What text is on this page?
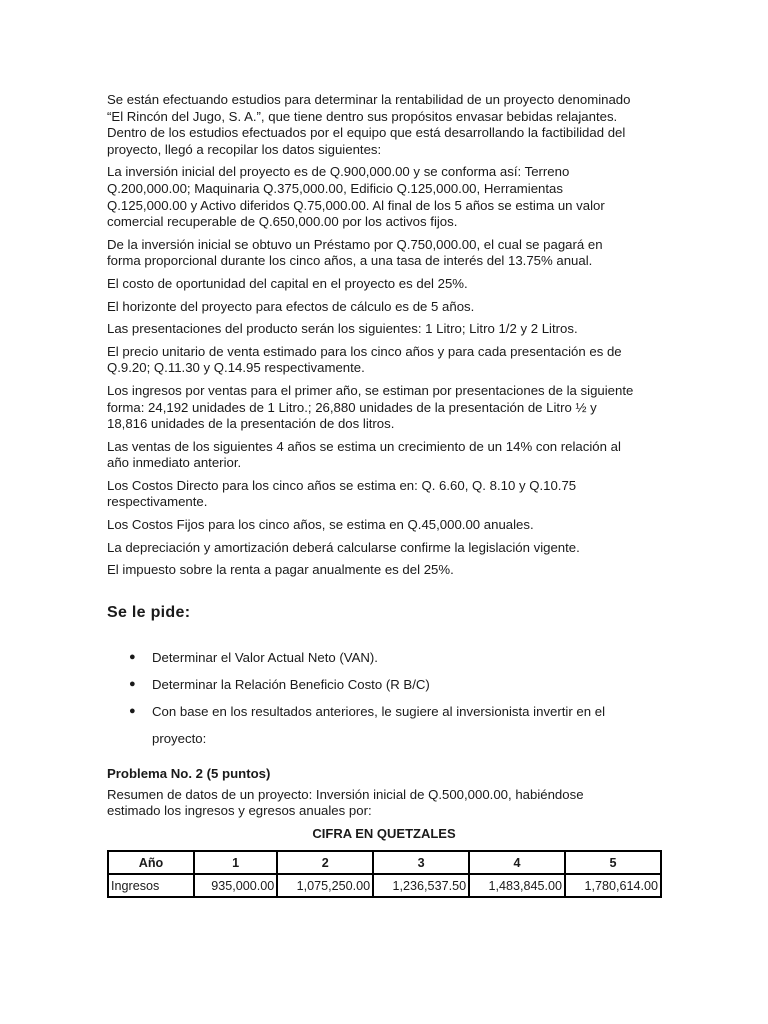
Se están efectuando estudios para determinar la rentabilidad de un proyecto denominado
“El Rincón del Jugo, S. A.”, que tiene dentro sus propósitos envasar bebidas relajantes.
Dentro de los estudios efectuados por el equipo que está desarrollando la factibilidad del
proyecto, llegó a recopilar los datos siguientes:

La inversión inicial del proyecto es de Q.900,000.00 y se conforma así: Terreno
Q.200,000.00; Maquinaria Q.375,000.00, Edificio Q.125,000.00, Herramientas
Q.125,000.00 y Activo diferidos Q.75,000.00. Al final de los 5 años se estima un valor
comercial recuperable de Q.650,000.00 por los activos fijos.

De la inversión inicial se obtuvo un Préstamo por Q.750,000.00, el cual se pagará en
forma proporcional durante los cinco años, a una tasa de interés del 13.75% anual.

El costo de oportunidad del capital en el proyecto es del 25%.

El horizonte del proyecto para efectos de cálculo es de 5 años.

Las presentaciones del producto serán los siguientes: 1 Litro; Litro 1/2 y 2 Litros.

El precio unitario de venta estimado para los cinco años y para cada presentación es de
Q.9.20; Q.11.30 y Q.14.95 respectivamente.

Los ingresos por ventas para el primer año, se estiman por presentaciones de la siguiente
forma: 24,192 unidades de 1 Litro.; 26,880 unidades de la presentación de Litro ½ y
18,816 unidades de la presentación de dos litros.

Las ventas de los siguientes 4 años se estima un crecimiento de un 14% con relación al
año inmediato anterior.

Los Costos Directo para los cinco años se estima en: Q. 6.60, Q. 8.10 y Q.10.75
respectivamente.

Los Costos Fijos para los cinco años, se estima en Q.45,000.00 anuales.

La depreciación y amortización deberá calcularse confirme la legislación vigente.

El impuesto sobre la renta a pagar anualmente es del 25%.

Se le pide:
● Determinar el Valor Actual Neto (VAN).
● Determinar la Relación Beneficio Costo (R B/C)
● Con base en los resultados anteriores, le sugiere al inversionista invertir en el
proyecto:
Problema No. 2 (5 puntos)

Resumen de datos de un proyecto: Inversión inicial de Q.500,000.00, habiéndose
estimado los ingresos y egresos anuales por:

CIFRA EN QUETZALES
Año	1	2	3	4	5
Ingresos	935,000.00	1,075,250.00	1,236,537.50	1,483,845.00	1,780,614.00
